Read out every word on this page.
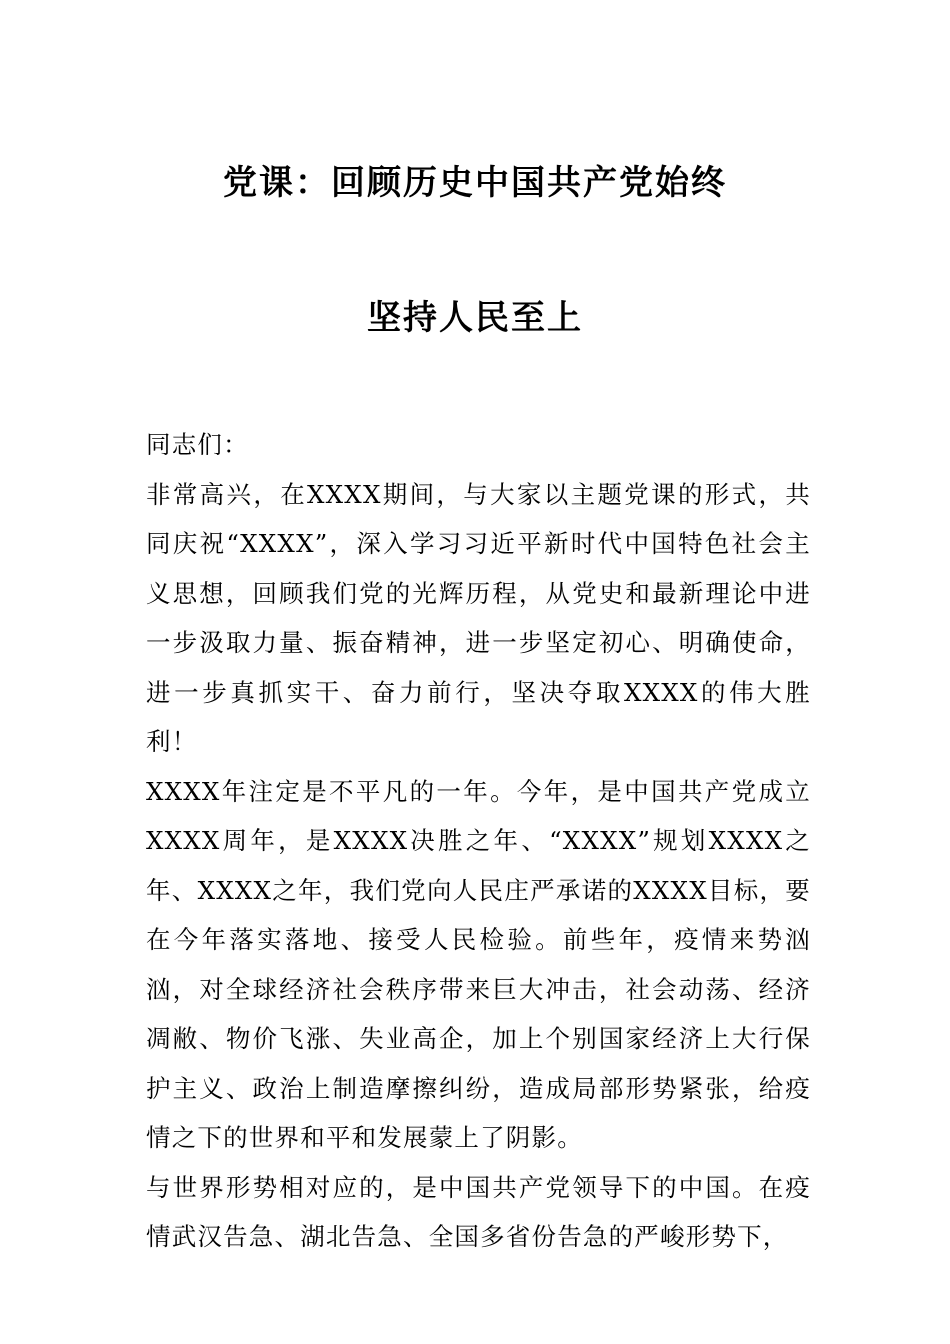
党课：回顾历史中国共产党始终
坚持人民至上

同志们：

非常高兴，在XXXX期间，与大家以主题党课的形式，共同庆祝“XXXX”，深入学习习近平新时代中国特色社会主义思想，回顾我们党的光辉历程，从党史和最新理论中进一步汲取力量、振奋精神，进一步坚定初心、明确使命，进一步真抓实干、奋力前行，坚决夺取XXXX的伟大胜利！

XXXX年注定是不平凡的一年。今年，是中国共产党成立XXXX周年，是XXXX决胜之年、“XXXX”规划XXXX之年、XXXX之年，我们党向人民庄严承诺的XXXX目标，要在今年落实落地、接受人民检验。前些年，疫情来势汹汹，对全球经济社会秩序带来巨大冲击，社会动荡、经济凋敝、物价飞涨、失业高企，加上个别国家经济上大行保护主义、政治上制造摩擦纠纷，造成局部形势紧张，给疫情之下的世界和平和发展蒙上了阴影。

与世界形势相对应的，是中国共产党领导下的中国。在疫情武汉告急、湖北告急、全国多省份告急的严峻形势下，
